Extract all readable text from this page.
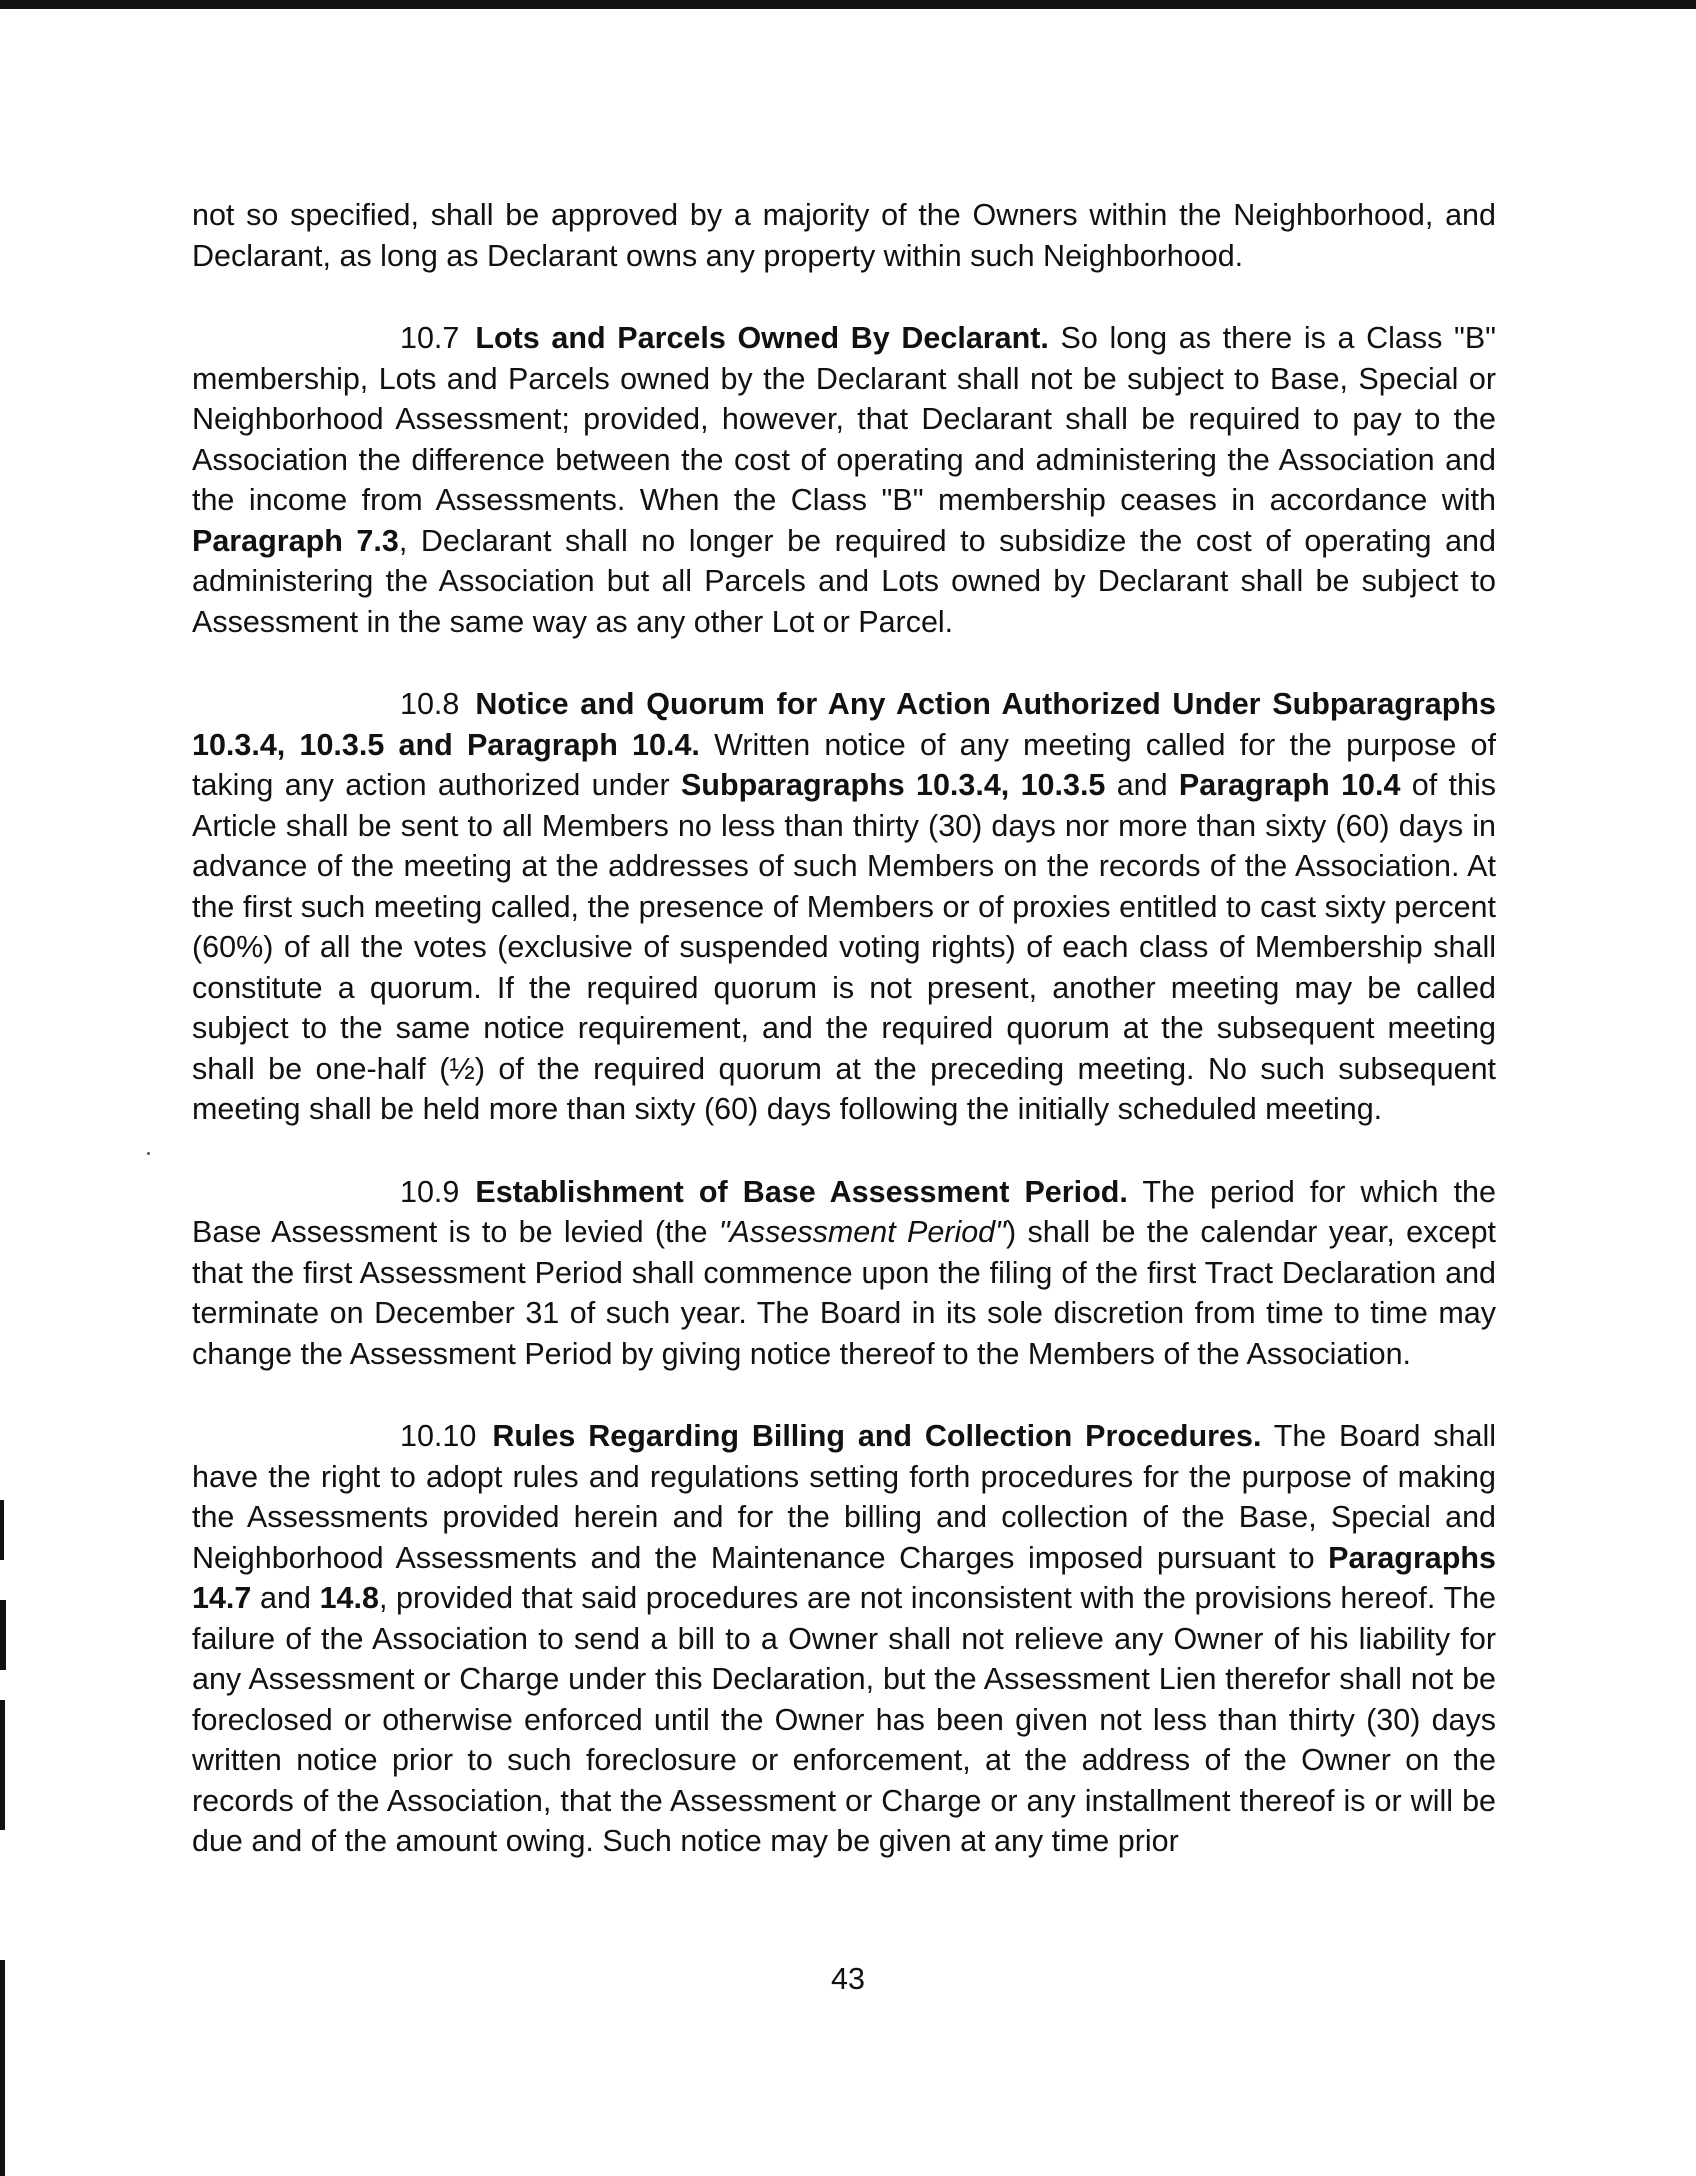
not so specified, shall be approved by a majority of the Owners within the Neighborhood, and Declarant, as long as Declarant owns any property within such Neighborhood.

10.7 Lots and Parcels Owned By Declarant. So long as there is a Class "B" membership, Lots and Parcels owned by the Declarant shall not be subject to Base, Special or Neighborhood Assessment; provided, however, that Declarant shall be required to pay to the Association the difference between the cost of operating and administering the Association and the income from Assessments. When the Class "B" membership ceases in accordance with Paragraph 7.3, Declarant shall no longer be required to subsidize the cost of operating and administering the Association but all Parcels and Lots owned by Declarant shall be subject to Assessment in the same way as any other Lot or Parcel.

10.8 Notice and Quorum for Any Action Authorized Under Subparagraphs 10.3.4, 10.3.5 and Paragraph 10.4. Written notice of any meeting called for the purpose of taking any action authorized under Subparagraphs 10.3.4, 10.3.5 and Paragraph 10.4 of this Article shall be sent to all Members no less than thirty (30) days nor more than sixty (60) days in advance of the meeting at the addresses of such Members on the records of the Association. At the first such meeting called, the presence of Members or of proxies entitled to cast sixty percent (60%) of all the votes (exclusive of suspended voting rights) of each class of Membership shall constitute a quorum. If the required quorum is not present, another meeting may be called subject to the same notice requirement, and the required quorum at the subsequent meeting shall be one-half (½) of the required quorum at the preceding meeting. No such subsequent meeting shall be held more than sixty (60) days following the initially scheduled meeting.

10.9 Establishment of Base Assessment Period. The period for which the Base Assessment is to be levied (the "Assessment Period") shall be the calendar year, except that the first Assessment Period shall commence upon the filing of the first Tract Declaration and terminate on December 31 of such year. The Board in its sole discretion from time to time may change the Assessment Period by giving notice thereof to the Members of the Association.

10.10 Rules Regarding Billing and Collection Procedures. The Board shall have the right to adopt rules and regulations setting forth procedures for the purpose of making the Assessments provided herein and for the billing and collection of the Base, Special and Neighborhood Assessments and the Maintenance Charges imposed pursuant to Paragraphs 14.7 and 14.8, provided that said procedures are not inconsistent with the provisions hereof. The failure of the Association to send a bill to a Owner shall not relieve any Owner of his liability for any Assessment or Charge under this Declaration, but the Assessment Lien therefor shall not be foreclosed or otherwise enforced until the Owner has been given not less than thirty (30) days written notice prior to such foreclosure or enforcement, at the address of the Owner on the records of the Association, that the Assessment or Charge or any installment thereof is or will be due and of the amount owing. Such notice may be given at any time prior

43
